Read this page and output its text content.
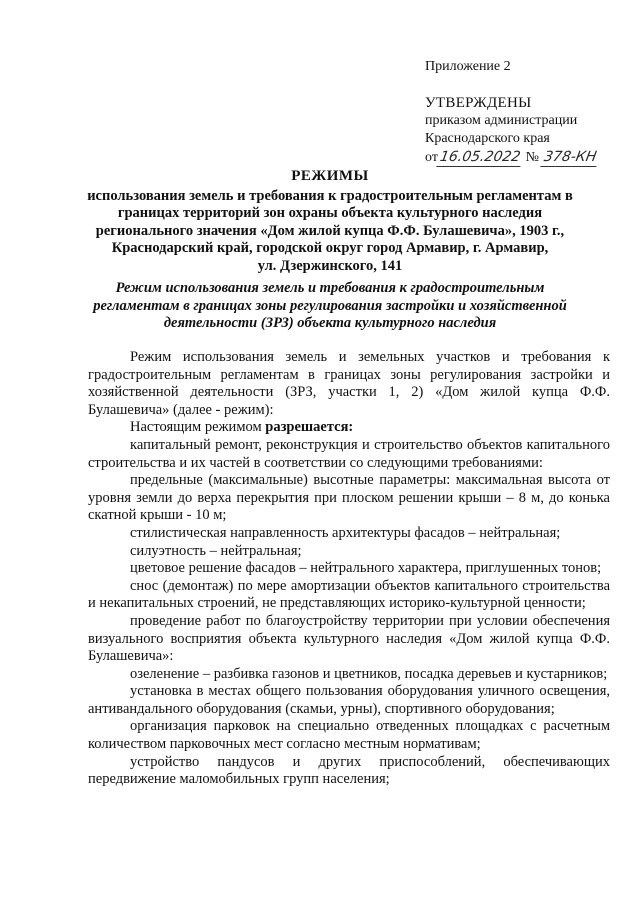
Приложение 2

УТВЕРЖДЕНЫ

приказом администрации

Краснодарского края

от16.05.2022 № 378-КН

РЕЖИМЫ

использования земель и требования к градостроительным регламентам в

границах территорий зон охраны объекта культурного наследия

регионального значения «Дом жилой купца Ф.Ф. Булашевича», 1903 г.,

Краснодарский край, городской округ город Армавир, г. Армавир,

ул. Дзержинского, 141

Режим использования земель и требования к градостроительным

регламентам в границах зоны регулирования застройки и хозяйственной

деятельности (ЗРЗ) объекта культурного наследия

Режим использования земель и земельных участков и требования к градостроительным регламентам в границах зоны регулирования застройки и хозяйственной деятельности (ЗРЗ, участки 1, 2) «Дом жилой купца Ф.Ф. Булашевича» (далее - режим):

Настоящим режимом разрешается:

капитальный ремонт, реконструкция и строительство объектов капитального строительства и их частей в соответствии со следующими требованиями:

предельные (максимальные) высотные параметры: максимальная высота от уровня земли до верха перекрытия при плоском решении крыши – 8 м, до конька скатной крыши - 10 м;

стилистическая направленность архитектуры фасадов – нейтральная;

силуэтность – нейтральная;

цветовое решение фасадов – нейтрального характера, приглушенных тонов;

снос (демонтаж) по мере амортизации объектов капитального строительства и некапитальных строений, не представляющих историко-культурной ценности;

проведение работ по благоустройству территории при условии обеспечения визуального восприятия объекта культурного наследия «Дом жилой купца Ф.Ф. Булашевича»:

озеленение – разбивка газонов и цветников, посадка деревьев и кустарников;

установка в местах общего пользования оборудования уличного освещения, антивандального оборудования (скамьи, урны), спортивного оборудования;

организация парковок на специально отведенных площадках с расчетным количеством парковочных мест согласно местным нормативам;

устройство пандусов и других приспособлений, обеспечивающих передвижение маломобильных групп населения;
